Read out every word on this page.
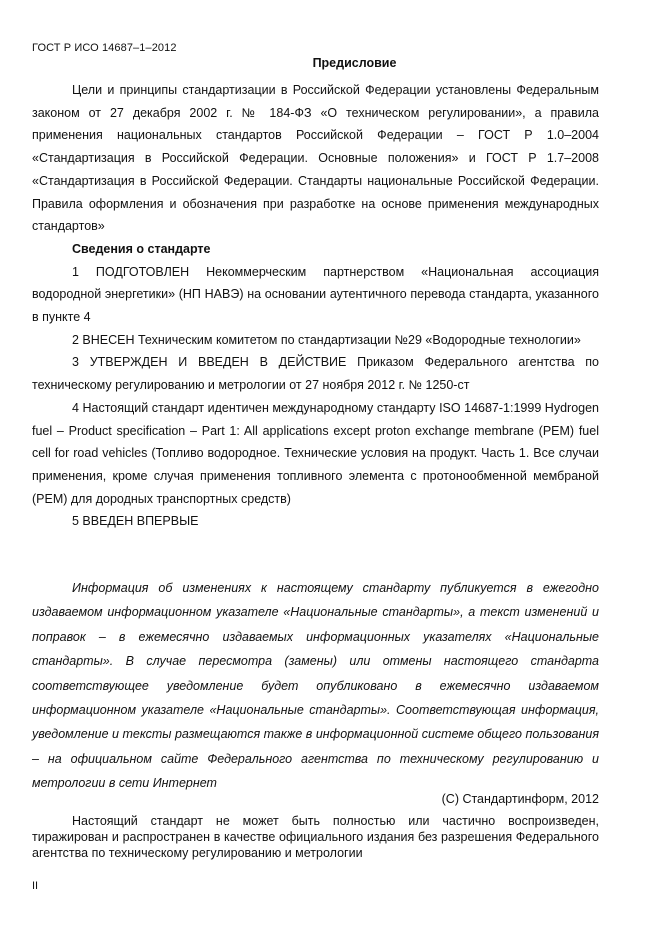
ГОСТ Р ИСО 14687–1–2012
Предисловие

Цели и принципы стандартизации в Российской Федерации установлены Федеральным законом от 27 декабря 2002 г. № 184-ФЗ «О техническом регулировании», а правила применения национальных стандартов Российской Федерации – ГОСТ Р 1.0–2004 «Стандартизация в Российской Федерации. Основные положения» и ГОСТ Р 1.7–2008 «Стандартизация в Российской Федерации. Стандарты национальные Российской Федерации. Правила оформления и обозначения при разработке на основе применения международных стандартов»

Сведения о стандарте

1 ПОДГОТОВЛЕН Некоммерческим партнерством «Национальная ассоциация водородной энергетики» (НП НАВЭ) на основании аутентичного перевода стандарта, указанного в пункте 4

2 ВНЕСЕН Техническим комитетом по стандартизации №29 «Водородные технологии»

3 УТВЕРЖДЕН И ВВЕДЕН В ДЕЙСТВИЕ Приказом Федерального агентства по техническому регулированию и метрологии от 27 ноября 2012 г. № 1250-ст

4 Настоящий стандарт идентичен международному стандарту ISO 14687-1:1999 Hydrogen fuel – Product specification – Part 1: All applications except proton exchange membrane (PEM) fuel cell for road vehicles (Топливо водородное. Технические условия на продукт. Часть 1. Все случаи применения, кроме случая применения топливного элемента с протонообменной мембраной (PEM) для дородных транспортных средств)

5 ВВЕДЕН ВПЕРВЫЕ

Информация об изменениях к настоящему стандарту публикуется в ежегодно издаваемом информационном указателе «Национальные стандарты», а текст изменений и поправок – в ежемесячно издаваемых информационных указателях «Национальные стандарты». В случае пересмотра (замены) или отмены настоящего стандарта соответствующее уведомление будет опубликовано в ежемесячно издаваемом информационном указателе «Национальные стандарты». Соответствующая информация, уведомление и тексты размещаются также в информационной системе общего пользования – на официальном сайте Федерального агентства по техническому регулированию и метрологии в сети Интернет
(С) Стандартинформ, 2012
Настоящий стандарт не может быть полностью или частично воспроизведен, тиражирован и распространен в качестве официального издания без разрешения Федерального агентства по техническому регулированию и метрологии
II
